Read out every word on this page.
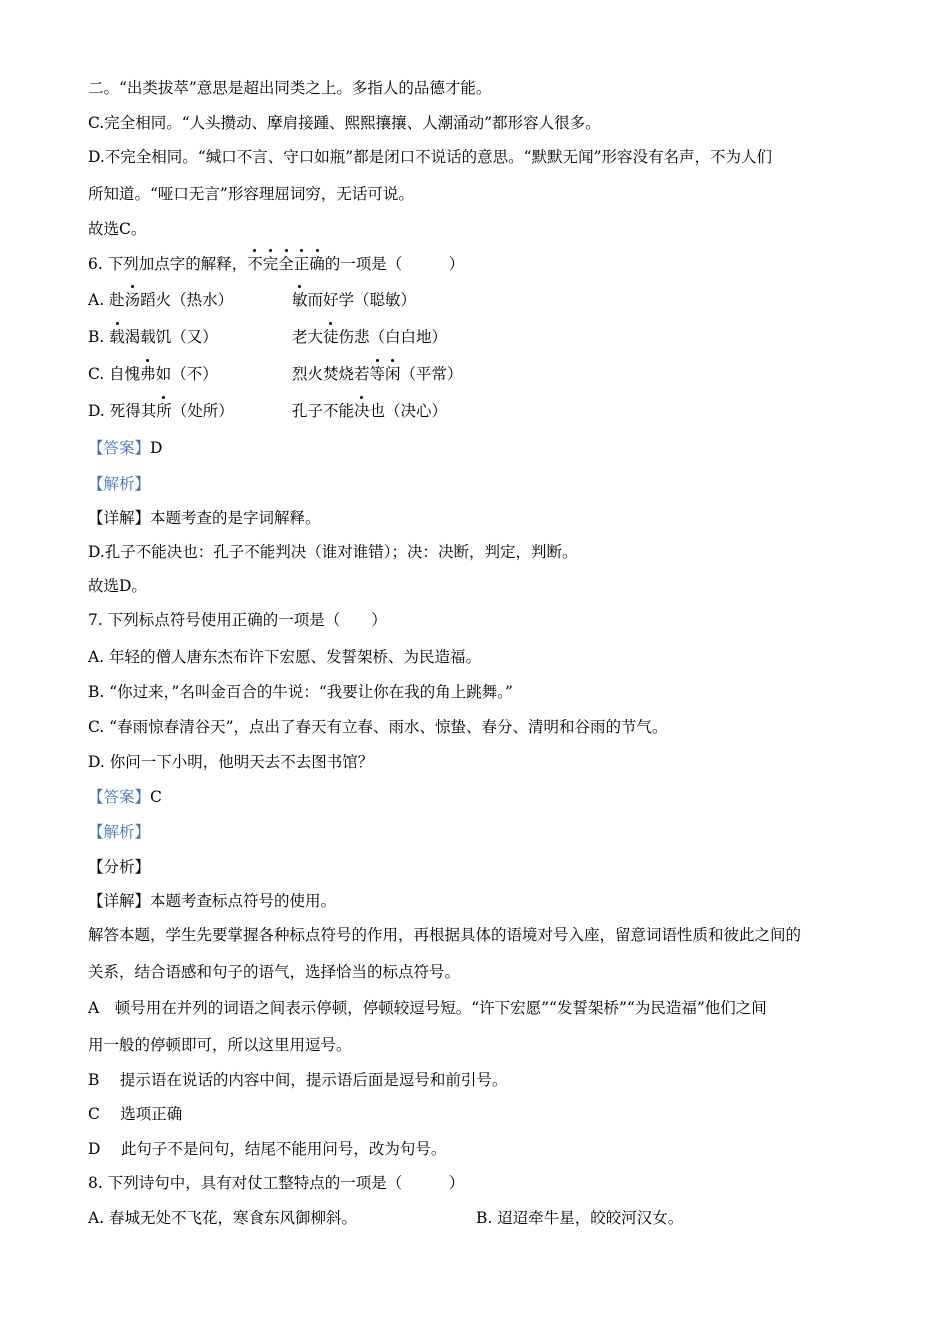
二。“出类拔萃”意思是超出同类之上。多指人的品德才能。
C.完全相同。“人头攒动、摩肩接踵、熙熙攘攘、人潮涌动”都形容人很多。
D.不完全相同。“缄口不言、守口如瓶”都是闭口不说话的意思。“默默无闻”形容没有名声，不为人们
所知道。“哑口无言”形容理屈词穷，无话可说。
故选C。
6. 下列加点字的解释，不完全正确的一项是（　　　）
A. 赴汤蹈火（热水）	敏而好学（聪敏）
B. 载渴载饥（又）	老大徒伤悲（白白地）
C. 自愧弗如（不）	烈火焚烧若等闲（平常）
D. 死得其所（处所）	孔子不能决也（决心）
【答案】D
【解析】
【详解】本题考查的是字词解释。
D.孔子不能决也：孔子不能判决（谁对谁错）；决：决断，判定，判断。
故选D。
7. 下列标点符号使用正确的一项是（　　）
A. 年轻的僧人唐东杰布许下宏愿、发誓架桥、为民造福。
B. “你过来，”名叫金百合的牛说：“我要让你在我的角上跳舞。”
C. “春雨惊春清谷天”，点出了春天有立春、雨水、惊蛰、春分、清明和谷雨的节气。
D. 你问一下小明，他明天去不去图书馆？
【答案】C
【解析】
【分析】
【详解】本题考查标点符号的使用。
解答本题，学生先要掌握各种标点符号的作用，再根据具体的语境对号入座，留意词语性质和彼此之间的
关系，结合语感和句子的语气，选择恰当的标点符号。
A　顿号用在并列的词语之间表示停顿，停顿较逗号短。“许下宏愿”“发誓架桥”“为民造福”他们之间
用一般的停顿即可，所以这里用逗号。
B　 提示语在说话的内容中间，提示语后面是逗号和前引号。
C　 选项正确
D　 此句子不是问句，结尾不能用问号，改为句号。
8. 下列诗句中，具有对仗工整特点的一项是（　　　）
A. 春城无处不飞花，寒食东风御柳斜。	B. 迢迢牵牛星，皎皎河汉女。
